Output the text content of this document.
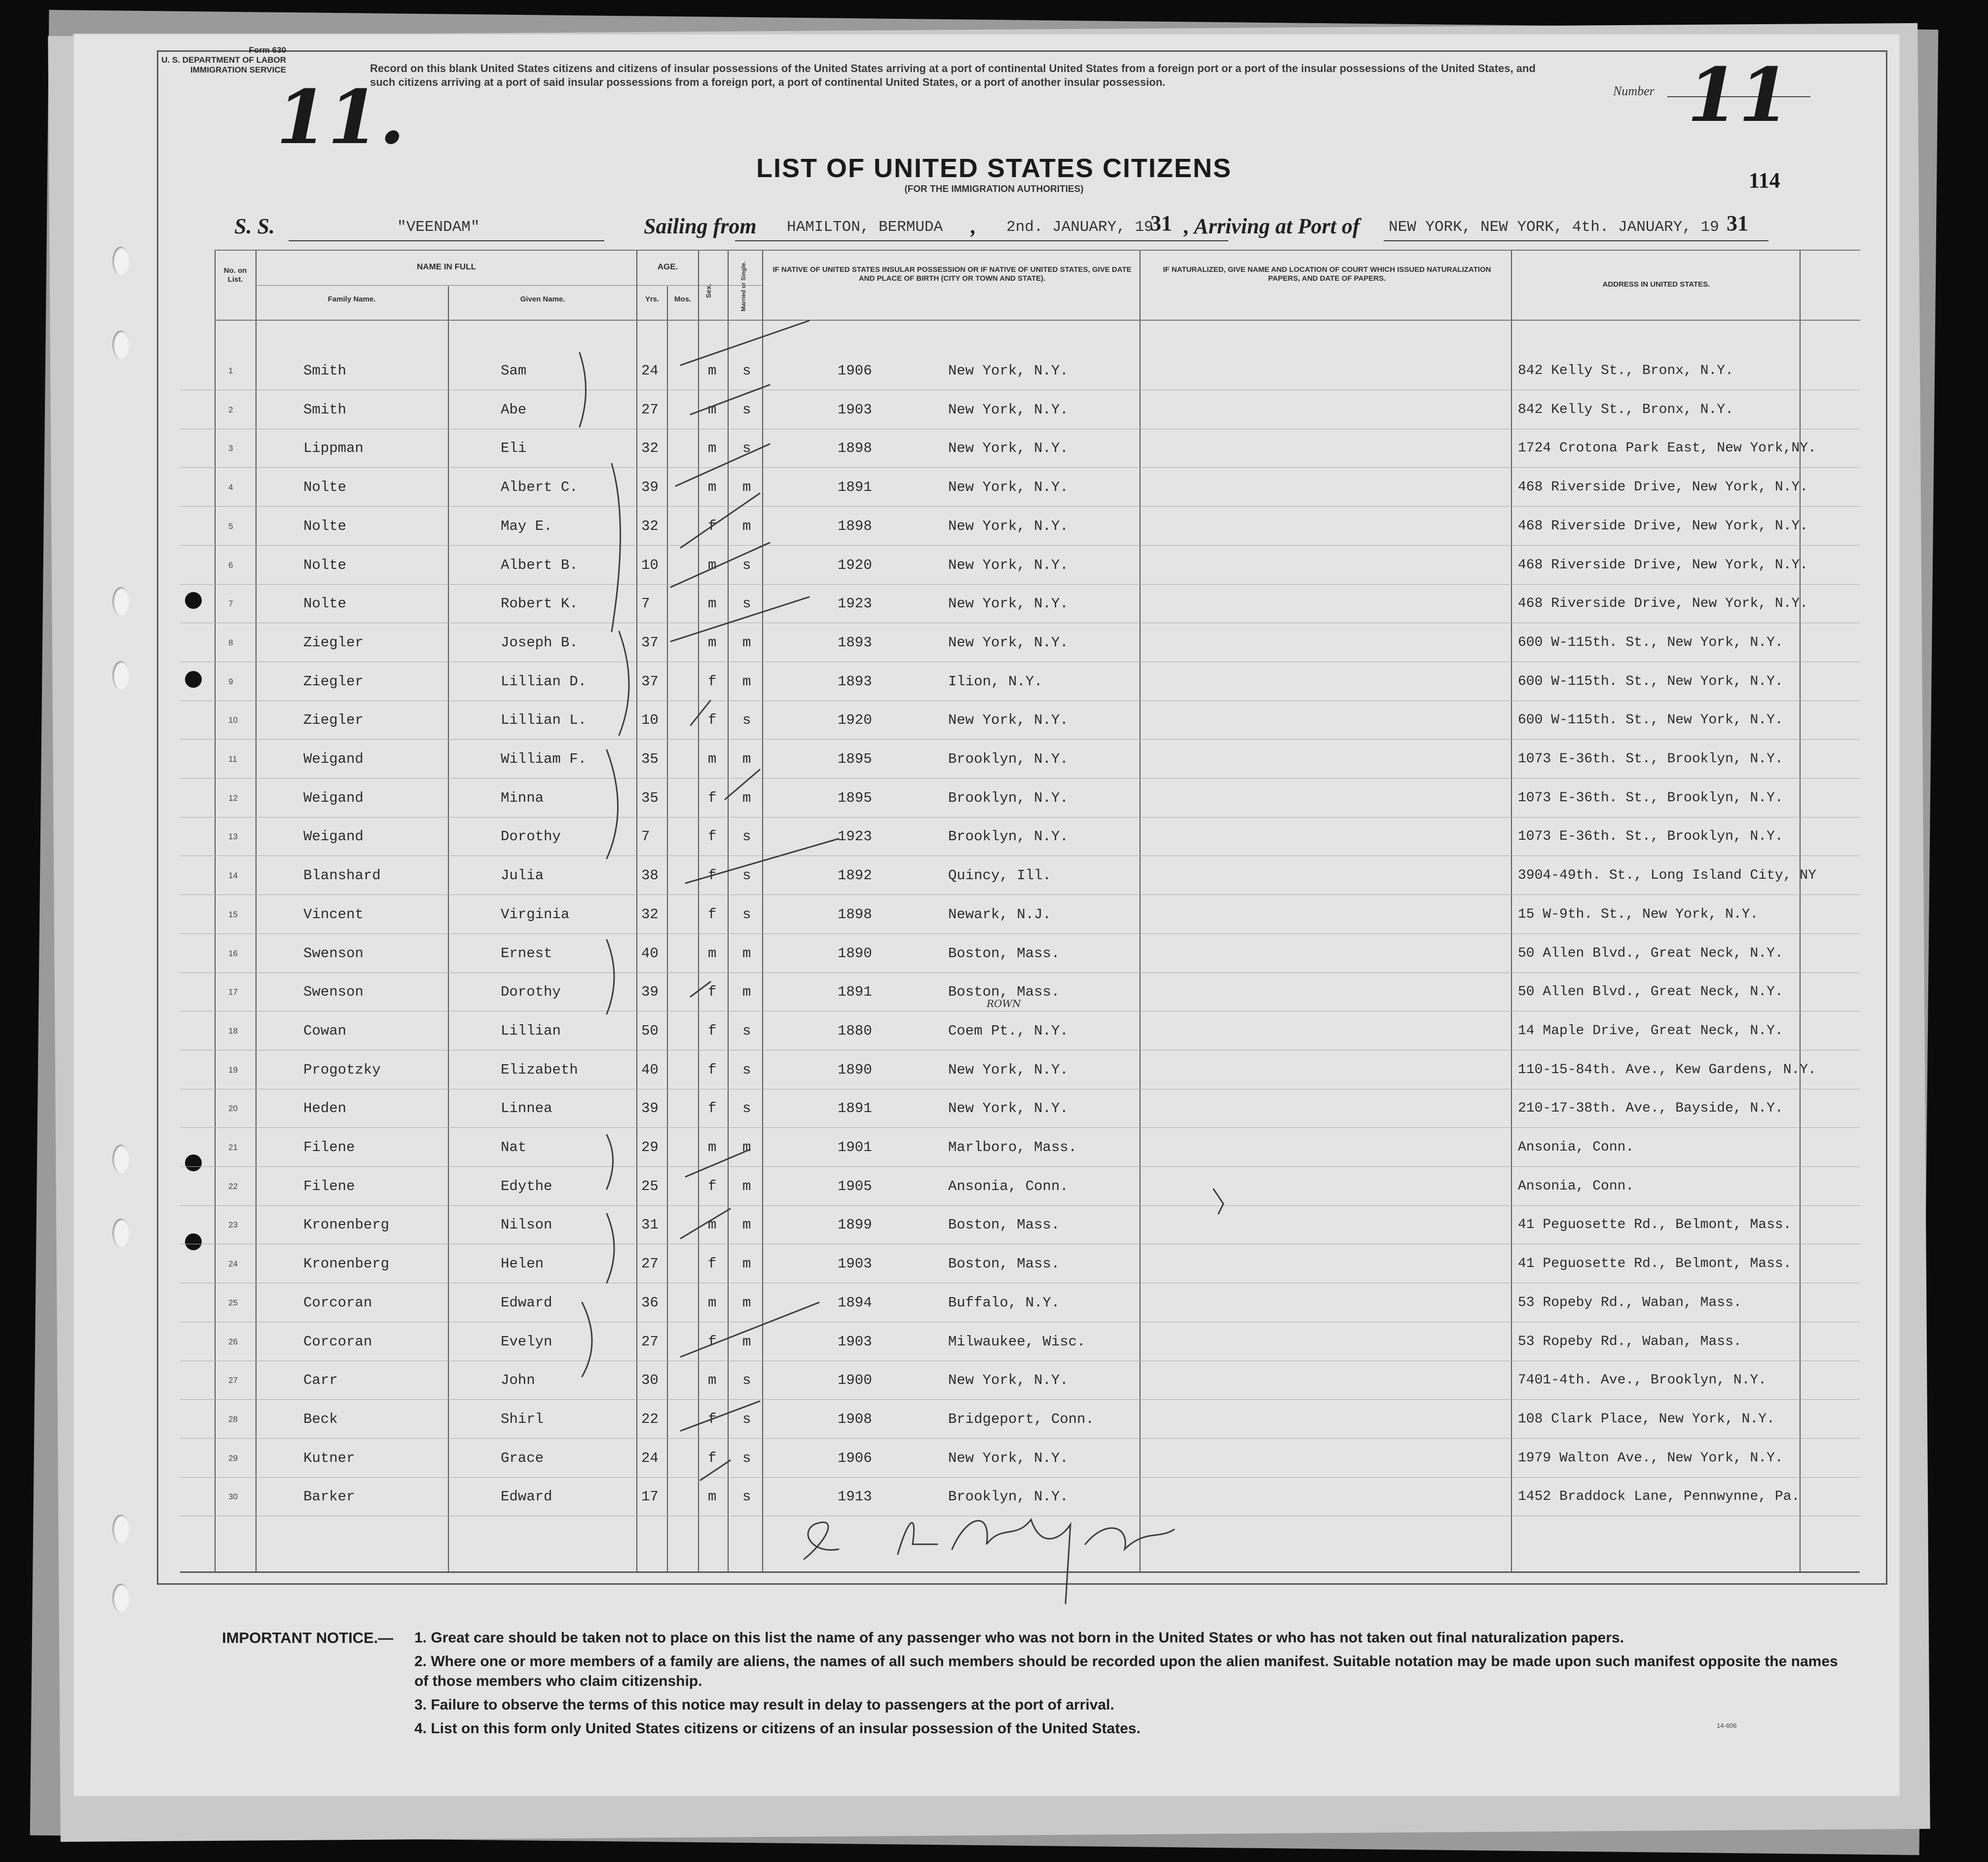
Form 630
U. S. DEPARTMENT OF LABOR
IMMIGRATION SERVICE
11.
Record on this blank United States citizens and citizens of insular possessions of the United States arriving at a port of continental United States from a foreign port or a port of the insular possessions of the United States, and such citizens arriving at a port of said insular possessions from a foreign port, a port of continental United States, or a port of another insular possession.
Number 11
LIST OF UNITED STATES CITIZENS
(FOR THE IMMIGRATION AUTHORITIES)	114
S. S.	"VEENDAM"	Sailing from HAMILTON, BERMUDA , 2nd. JANUARY, 19
31 , Arriving at Port of NEW YORK, NEW YORK, 4th. JANUARY, 19 31
No. on List.
NAME IN FULL
Family Name.	Given Name.
AGE.
Yrs.	Mos.
Sex.	Married or Single.	IF NATIVE OF UNITED STATES INSULAR POSSESSION OR IF NATIVE OF UNITED STATES, GIVE DATE AND PLACE OF BIRTH (CITY OR TOWN AND STATE).
IF NATURALIZED, GIVE NAME AND LOCATION OF COURT WHICH ISSUED NATURALIZATION PAPERS, AND DATE OF PAPERS.
ADDRESS IN UNITED STATES.
1	Smith	Sam	24	m s	1906	New York, N.Y.	842 Kelly St., Bronx, N.Y.
2	Smith	Abe	27	m s	1903	New York, N.Y.	842 Kelly St., Bronx, N.Y.
3	Lippman	Eli	32	m s	1898	New York, N.Y.	1724 Crotona Park East, New York,NY.
4	Nolte	Albert C.	39	m m	1891	New York, N.Y.	468 Riverside Drive, New York, N.Y.
5	Nolte	May E.	32	f m	1898	New York, N.Y.	468 Riverside Drive, New York, N.Y.
6	Nolte	Albert B.	10	m s	1920	New York, N.Y.	468 Riverside Drive, New York, N.Y.
7	Nolte	Robert K.	7	m s	1923	New York, N.Y.	468 Riverside Drive, New York, N.Y.
8	Ziegler	Joseph B.	37	m m	1893	New York, N.Y.	600 W-115th. St., New York, N.Y.
9	Ziegler	Lillian D.	37	f m	1893	Ilion, N.Y.	600 W-115th. St., New York, N.Y.
10	Ziegler	Lillian L.	10	f s	1920	New York, N.Y.	600 W-115th. St., New York, N.Y.
11	Weigand	William F.	35	m m	1895	Brooklyn, N.Y.	1073 E-36th. St., Brooklyn, N.Y.
12	Weigand	Minna	35	f m	1895	Brooklyn, N.Y.	1073 E-36th. St., Brooklyn, N.Y.
13	Weigand	Dorothy	7	f s	1923	Brooklyn, N.Y.	1073 E-36th. St., Brooklyn, N.Y.
14	Blanshard	Julia	38	f s	1892	Quincy, Ill.	3904-49th. St., Long Island City, NY
15	Vincent	Virginia	32	f s	1898	Newark, N.J.	15 W-9th. St., New York, N.Y.
16	Swenson	Ernest	40	m m	1890	Boston, Mass.	50 Allen Blvd., Great Neck, N.Y.
17	Swenson	Dorothy	39	f m	1891	Boston, Mass.	50 Allen Blvd., Great Neck, N.Y.
18	Cowan	Lillian	50	f s	1880	Coem Pt., N.Y.	14 Maple Drive, Great Neck, N.Y.
19	Progotzky	Elizabeth	40	f s	1890	New York, N.Y.	110-15-84th. Ave., Kew Gardens, N.Y.
20	Heden	Linnea	39	f s	1891	New York, N.Y.	210-17-38th. Ave., Bayside, N.Y.
21	Filene	Nat	29	m m	1901	Marlboro, Mass.	Ansonia, Conn.
22	Filene	Edythe	25	f m	1905	Ansonia, Conn.	Ansonia, Conn.
23	Kronenberg	Nilson	31	m m	1899	Boston, Mass.	41 Peguosette Rd., Belmont, Mass.
24	Kronenberg	Helen	27	f m	1903	Boston, Mass.	41 Peguosette Rd., Belmont, Mass.
25	Corcoran	Edward	36	m m	1894	Buffalo, N.Y.	53 Ropeby Rd., Waban, Mass.
26	Corcoran	Evelyn	27	f m	1903	Milwaukee, Wisc.	53 Ropeby Rd., Waban, Mass.
27	Carr	John	30	m s	1900	New York, N.Y.	7401-4th. Ave., Brooklyn, N.Y.
28	Beck	Shirl	22	f s	1908	Bridgeport, Conn.	108 Clark Place, New York, N.Y.
29	Kutner	Grace	24	f s	1906	New York, N.Y.	1979 Walton Ave., New York, N.Y.
30	Barker	Edward	17	m s	1913	Brooklyn, N.Y.	1452 Braddock Lane, Pennwynne, Pa.
ROWN
IMPORTANT NOTICE.— 1. Great care should be taken not to place on this list the name of any passenger who was not born in the United States or who has not taken out final naturalization papers.
2. Where one or more members of a family are aliens, the names of all such members should be recorded upon the alien manifest. Suitable notation may be made upon such manifest opposite the names of those members who claim citizenship.
3. Failure to observe the terms of this notice may result in delay to passengers at the port of arrival.
4. List on this form only United States citizens or citizens of an insular possession of the United States.	14-606
